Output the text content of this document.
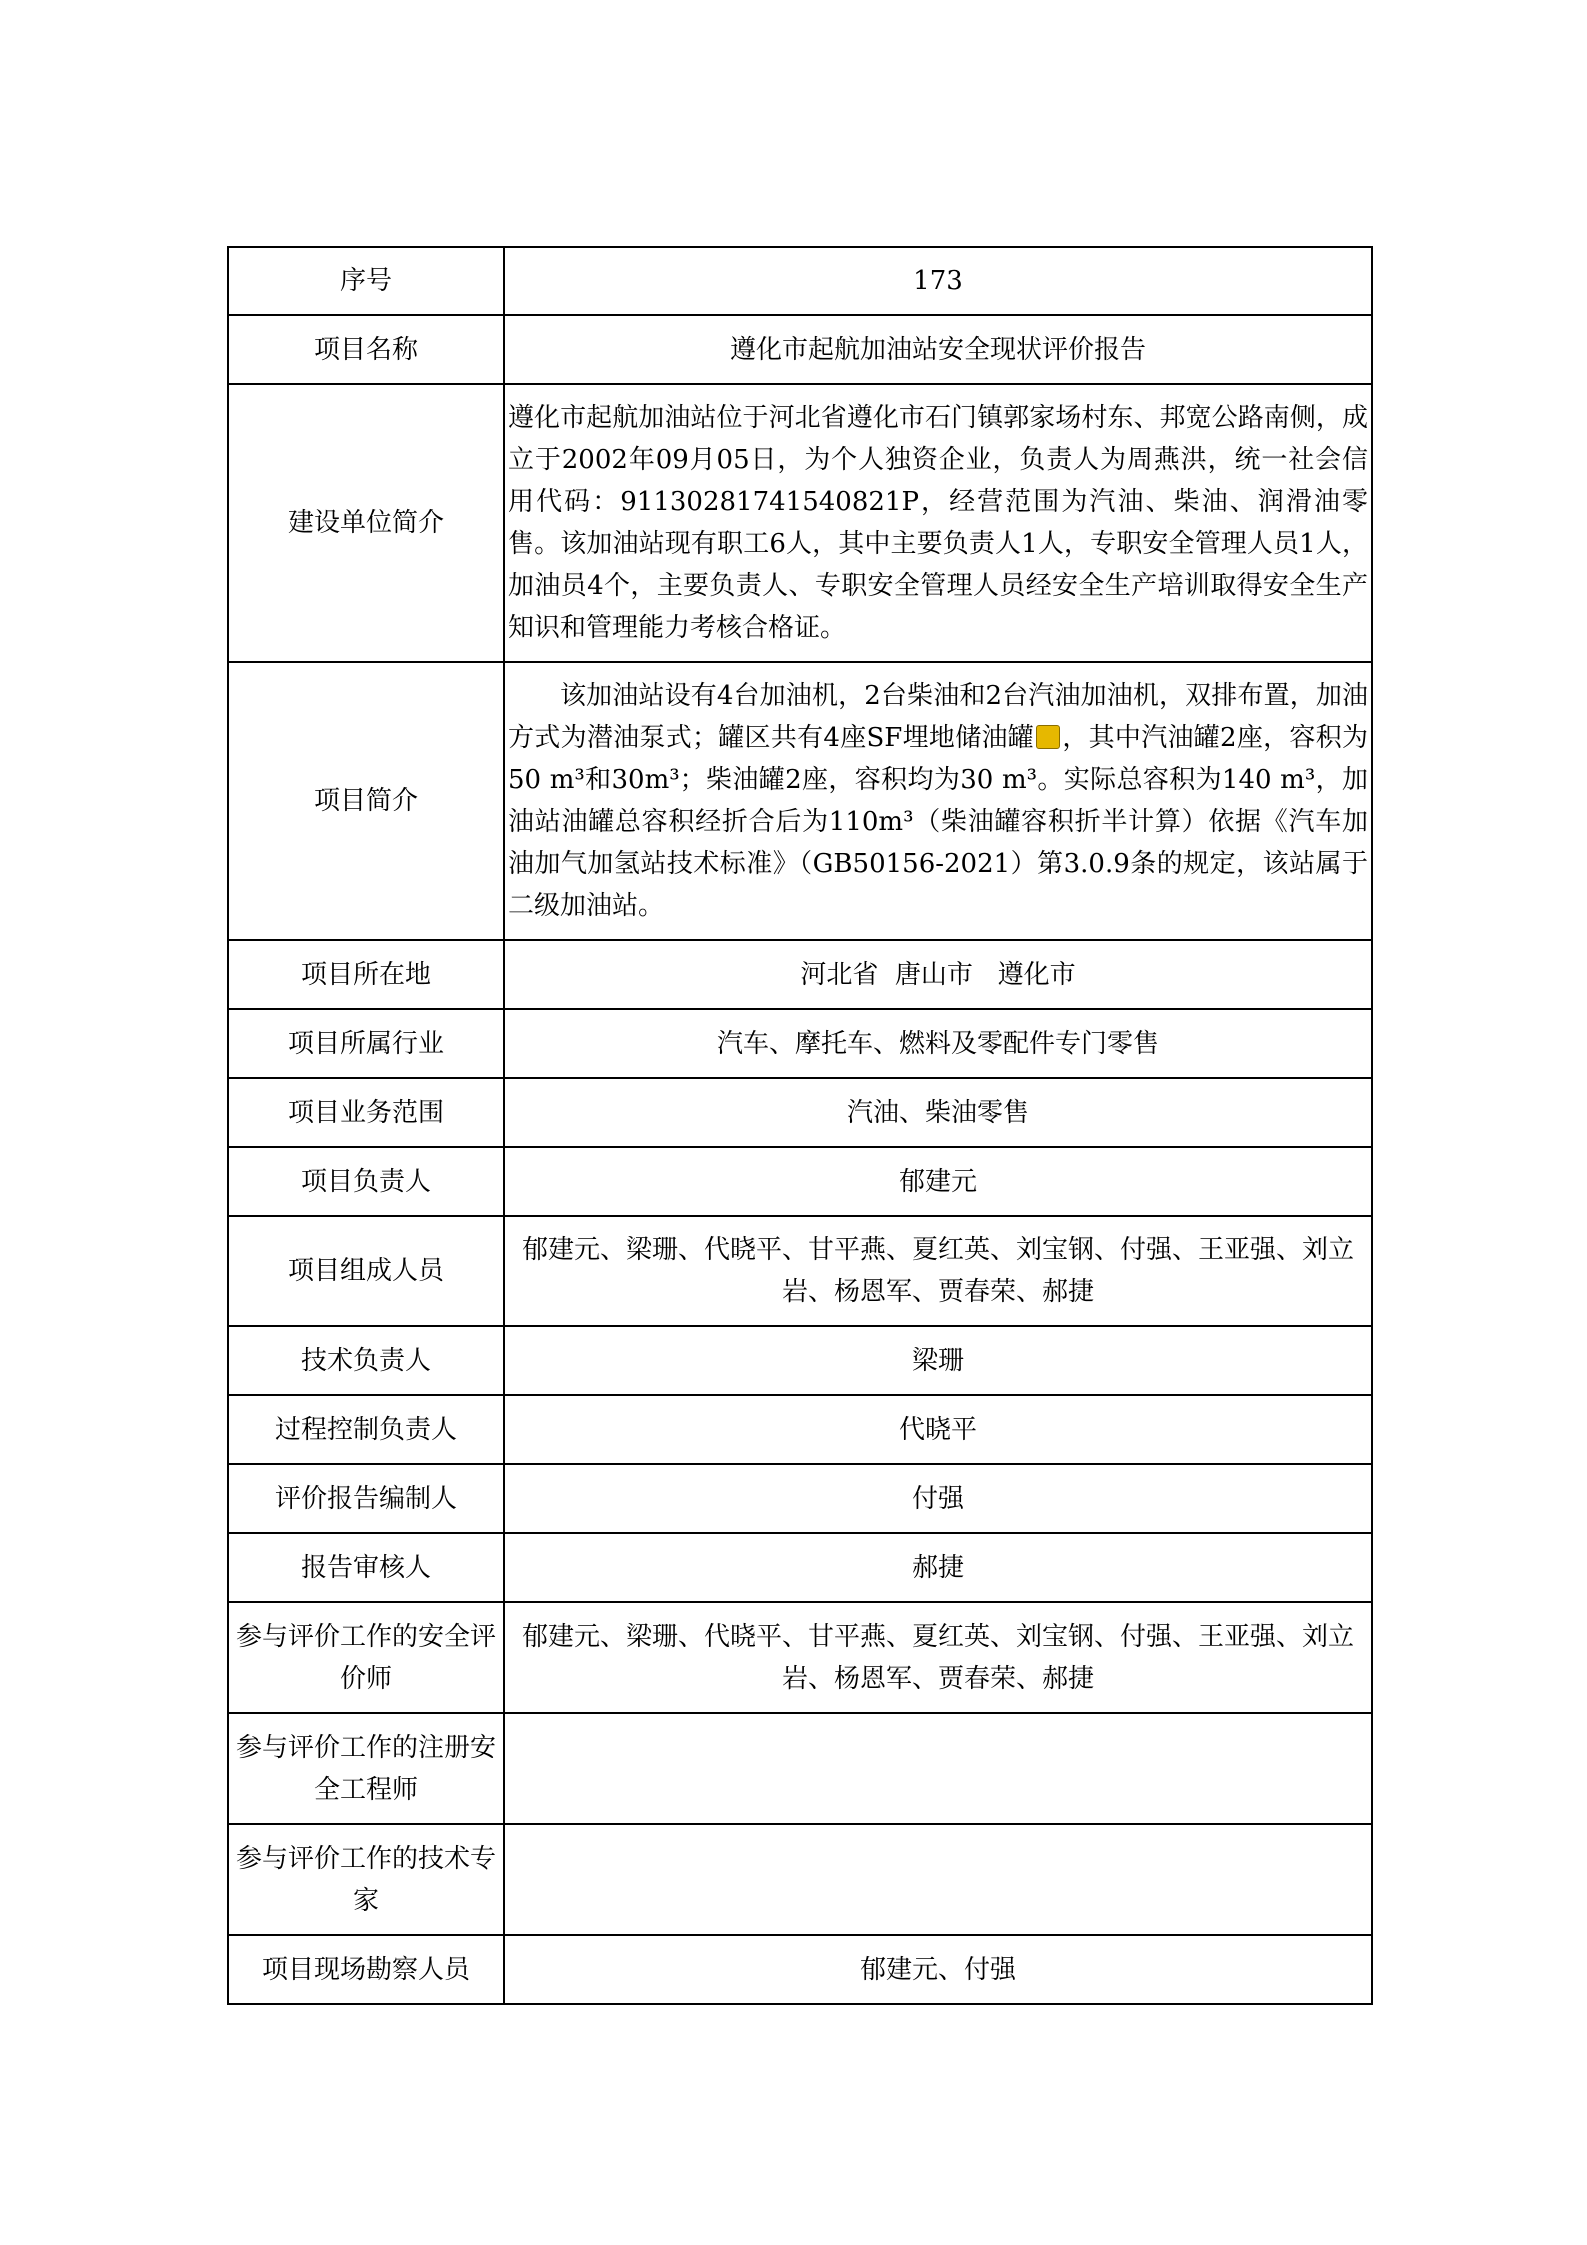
序号	173
项目名称	遵化市起航加油站安全现状评价报告
建设单位简介	遵化市起航加油站位于河北省遵化市石门镇郭家场村东、邦宽公路南侧，成立于2002年09月05日，为个人独资企业，负责人为周燕洪，统一社会信用代码：91130281741540821P，经营范围为汽油、柴油、润滑油零售。该加油站现有职工6人，其中主要负责人1人，专职安全管理人员1人，加油员4个，主要负责人、专职安全管理人员经安全生产培训取得安全生产知识和管理能力考核合格证。
项目简介	该加油站设有4台加油机，2台柴油和2台汽油加油机，双排布置，加油方式为潜油泵式；罐区共有4座SF埋地储油罐 ，其中汽油罐2座，容积为50 m³和30m³；柴油罐2座，容积均为30 m³。实际总容积为140 m³，加油站油罐总容积经折合后为110m³（柴油罐容积折半计算）依据《汽车加油加气加氢站技术标准》（GB50156-2021）第3.0.9条的规定，该站属于二级加油站。
项目所在地	河北省  唐山市   遵化市
项目所属行业	汽车、摩托车、燃料及零配件专门零售
项目业务范围	汽油、柴油零售
项目负责人	郁建元
项目组成人员	郁建元、梁珊、代晓平、甘平燕、夏红英、刘宝钢、付强、王亚强、刘立岩、杨恩军、贾春荣、郝捷
技术负责人	梁珊
过程控制负责人	代晓平
评价报告编制人	付强
报告审核人	郝捷
参与评价工作的安全评价师	郁建元、梁珊、代晓平、甘平燕、夏红英、刘宝钢、付强、王亚强、刘立岩、杨恩军、贾春荣、郝捷
参与评价工作的注册安全工程师	
参与评价工作的技术专家	
项目现场勘察人员	郁建元、付强
